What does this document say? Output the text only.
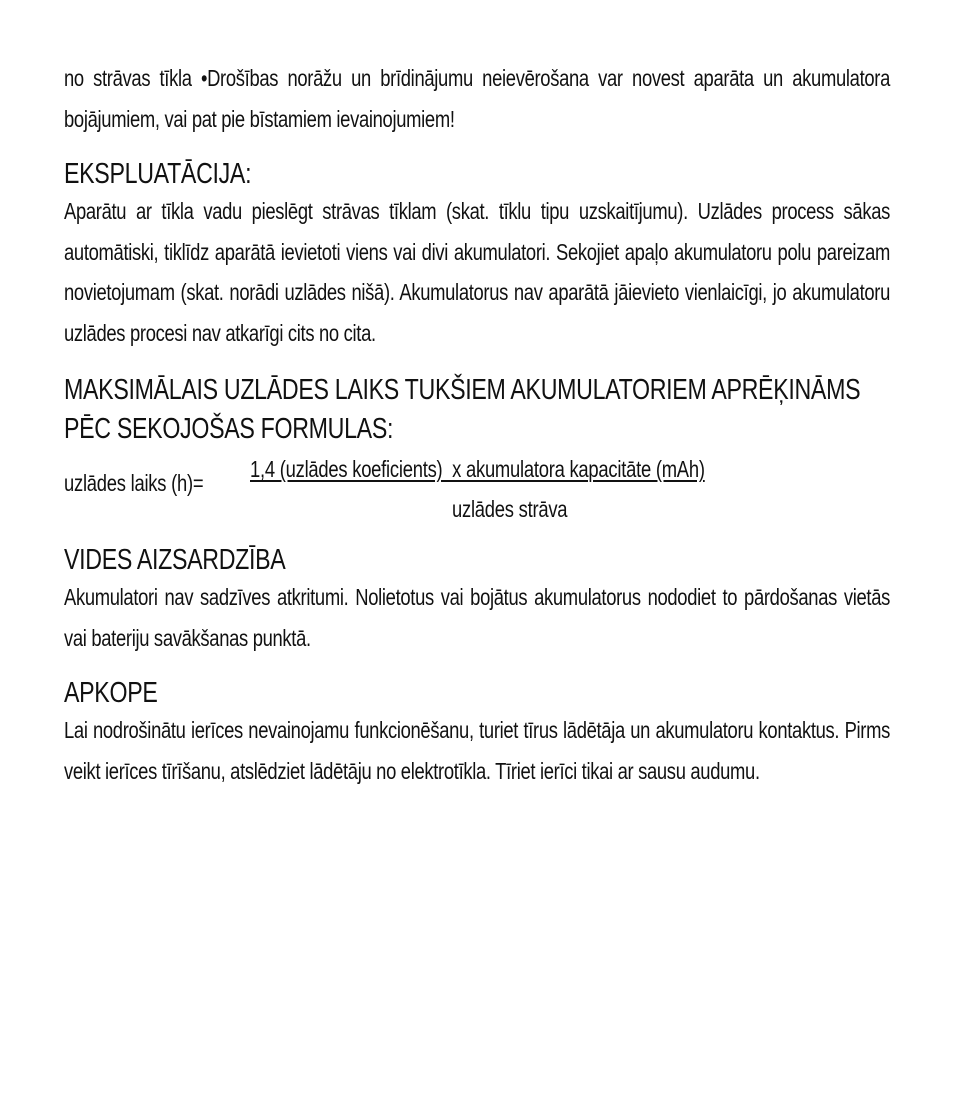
no strāvas tīkla •Drošības norāžu un brīdinājumu neievērošana var novest aparāta un akumulatora bojājumiem, vai pat pie bīstamiem ievainojumiem!

EKSPLUATĀCIJA:

Aparātu ar tīkla vadu pieslēgt strāvas tīklam (skat. tīklu tipu uzskaitījumu). Uzlādes process sākas automātiski, tiklīdz aparātā ievietoti viens vai divi akumulatori. Sekojiet apaļo akumulatoru polu pareizam novietojumam (skat. norādi uzlādes nišā). Akumulatorus nav aparātā jāievieto vienlaicīgi, jo akumulatoru uzlādes procesi nav atkarīgi cits no cita.

MAKSIMĀLAIS UZLĀDES LAIKS TUKŠIEM AKUMULATORIEM APRĒĶINĀMS PĒC SEKOJOŠAS FORMULAS:
uzlādes laiks (h)=
1,4 (uzlādes koeficients)  x akumulatora kapacitāte (mAh)
uzlādes strāva
VIDES AIZSARDZĪBA

Akumulatori nav sadzīves atkritumi. Nolietotus vai bojātus akumulatorus nododiet to pārdošanas vietās vai bateriju savākšanas punktā.

APKOPE

Lai nodrošinātu ierīces nevainojamu funkcionēšanu, turiet tīrus lādētāja un akumulatoru kontaktus. Pirms veikt ierīces tīrīšanu, atslēdziet lādētāju no elektrotīkla. Tīriet ierīci tikai ar sausu audumu.
